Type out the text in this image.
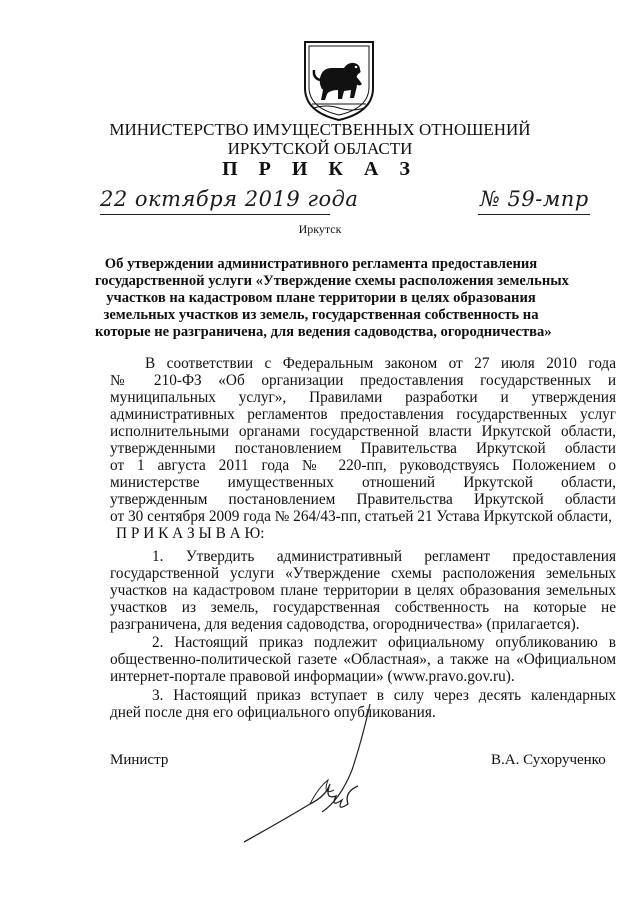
МИНИСТЕРСТВО ИМУЩЕСТВЕННЫХ ОТНОШЕНИЙ
ИРКУТСКОЙ ОБЛАСТИ
П Р И К А З
22 октября 2019 года	№ 59-мпр
Иркутск
Об утверждении административного регламента предоставления
государственной услуги «Утверждение схемы расположения земельных
участков на кадастровом плане территории в целях образования
земельных участков из земель, государственная собственность на
которые не разграничена, для ведения садоводства, огородничества»
В соответствии с Федеральным законом от 27 июля 2010 года
№ 210-ФЗ «Об организации предоставления государственных и
муниципальных услуг», Правилами разработки и утверждения
административных регламентов предоставления государственных услуг
исполнительными органами государственной власти Иркутской области,
утвержденными постановлением Правительства Иркутской области
от 1 августа 2011 года № 220-пп, руководствуясь Положением о
министерстве имущественных отношений Иркутской области,
утвержденным постановлением Правительства Иркутской области
от 30 сентября 2009 года № 264/43-пп, статьей 21 Устава Иркутской области,
П Р И К А З Ы В А Ю:
1. Утвердить административный регламент предоставления
государственной услуги «Утверждение схемы расположения земельных
участков на кадастровом плане территории в целях образования земельных
участков из земель, государственная собственность на которые не
разграничена, для ведения садоводства, огородничества» (прилагается).
2. Настоящий приказ подлежит официальному опубликованию в
общественно-политической газете «Областная», а также на «Официальном
интернет-портале правовой информации» (www.pravo.gov.ru).
3. Настоящий приказ вступает в силу через десять календарных
дней после дня его официального опубликования.
Министр	В.А. Сухорученко
